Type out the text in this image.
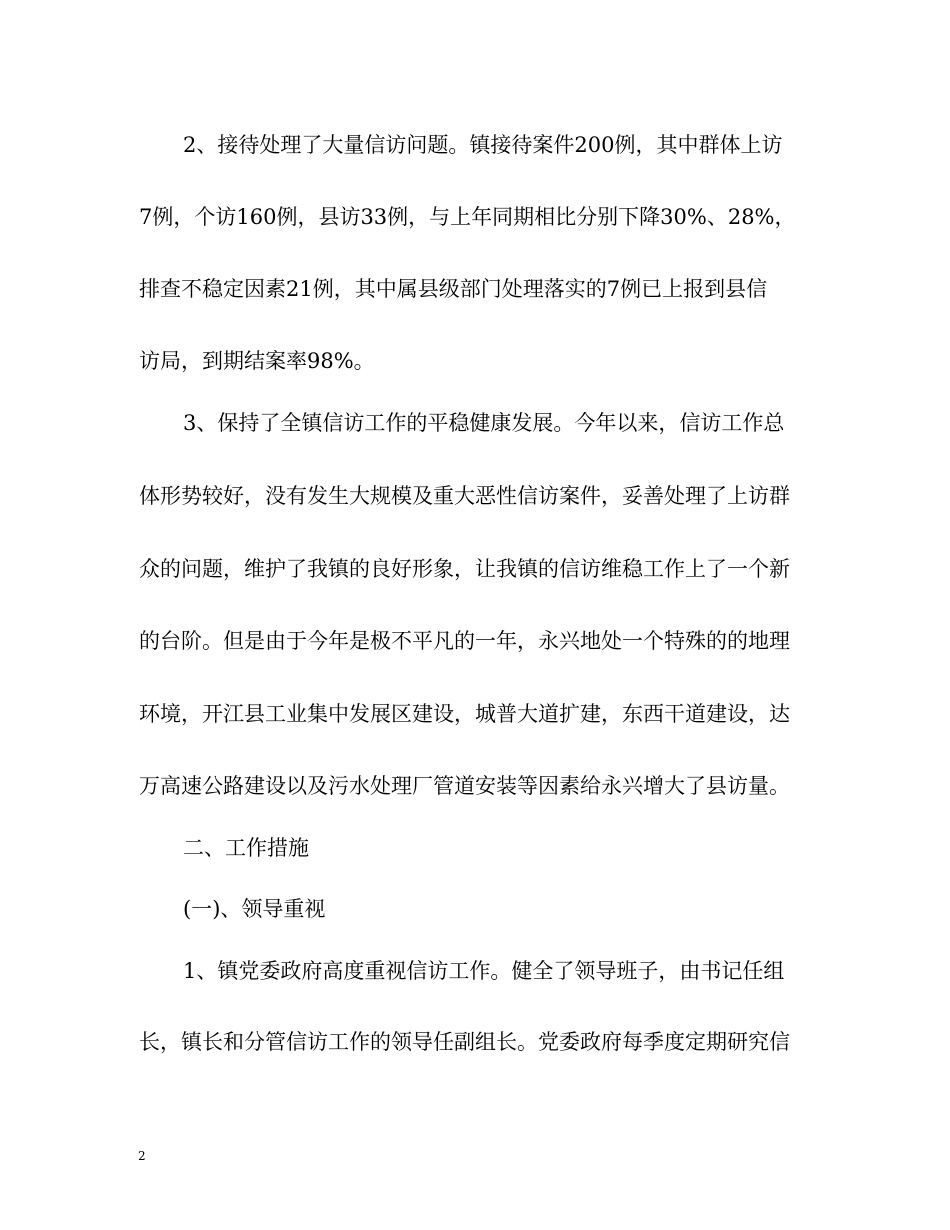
2、接待处理了大量信访问题。镇接待案件200例，其中群体上访
7例，个访160例，县访33例，与上年同期相比分别下降30%、28%，
排查不稳定因素21例，其中属县级部门处理落实的7例已上报到县信
访局，到期结案率98%。
3、保持了全镇信访工作的平稳健康发展。今年以来，信访工作总
体形势较好，没有发生大规模及重大恶性信访案件，妥善处理了上访群
众的问题，维护了我镇的良好形象，让我镇的信访维稳工作上了一个新
的台阶。但是由于今年是极不平凡的一年，永兴地处一个特殊的的地理
环境，开江县工业集中发展区建设，城普大道扩建，东西干道建设，达
万高速公路建设以及污水处理厂管道安装等因素给永兴增大了县访量。
二、工作措施
(一)、领导重视
1、镇党委政府高度重视信访工作。健全了领导班子，由书记任组
长，镇长和分管信访工作的领导任副组长。党委政府每季度定期研究信
2
